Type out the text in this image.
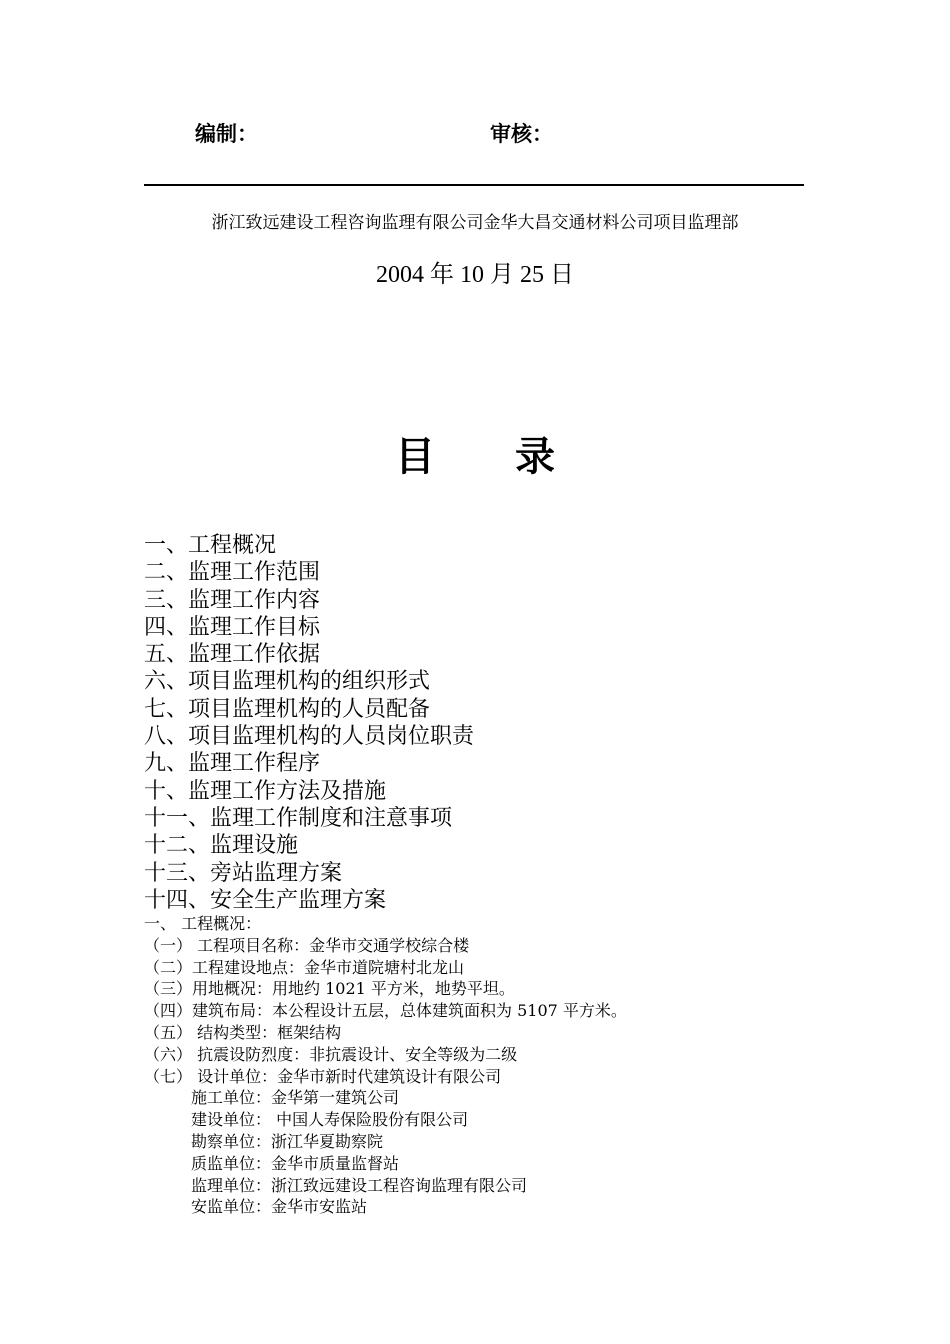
编制：	审核：
浙江致远建设工程咨询监理有限公司金华大昌交通材料公司项目监理部
2004 年 10 月 25 日
目 录
一、工程概况
二、监理工作范围
三、监理工作内容
四、监理工作目标
五、监理工作依据
六、项目监理机构的组织形式
七、项目监理机构的人员配备
八、项目监理机构的人员岗位职责
九、监理工作程序
十、监理工作方法及措施
十一、监理工作制度和注意事项
十二、监理设施
十三、旁站监理方案
十四、安全生产监理方案
一、 工程概况：
（一） 工程项目名称：金华市交通学校综合楼
（二）工程建设地点：金华市道院塘村北龙山
（三）用地概况：用地约 1021 平方米，地势平坦。
（四）建筑布局：本公程设计五层，总体建筑面积为 5107 平方米。
（五） 结构类型：框架结构
（六） 抗震设防烈度：非抗震设计、安全等级为二级
（七） 设计单位：金华市新时代建筑设计有限公司
施工单位：金华第一建筑公司
建设单位： 中国人寿保险股份有限公司
勘察单位：浙江华夏勘察院
质监单位：金华市质量监督站
监理单位：浙江致远建设工程咨询监理有限公司
安监单位：金华市安监站
